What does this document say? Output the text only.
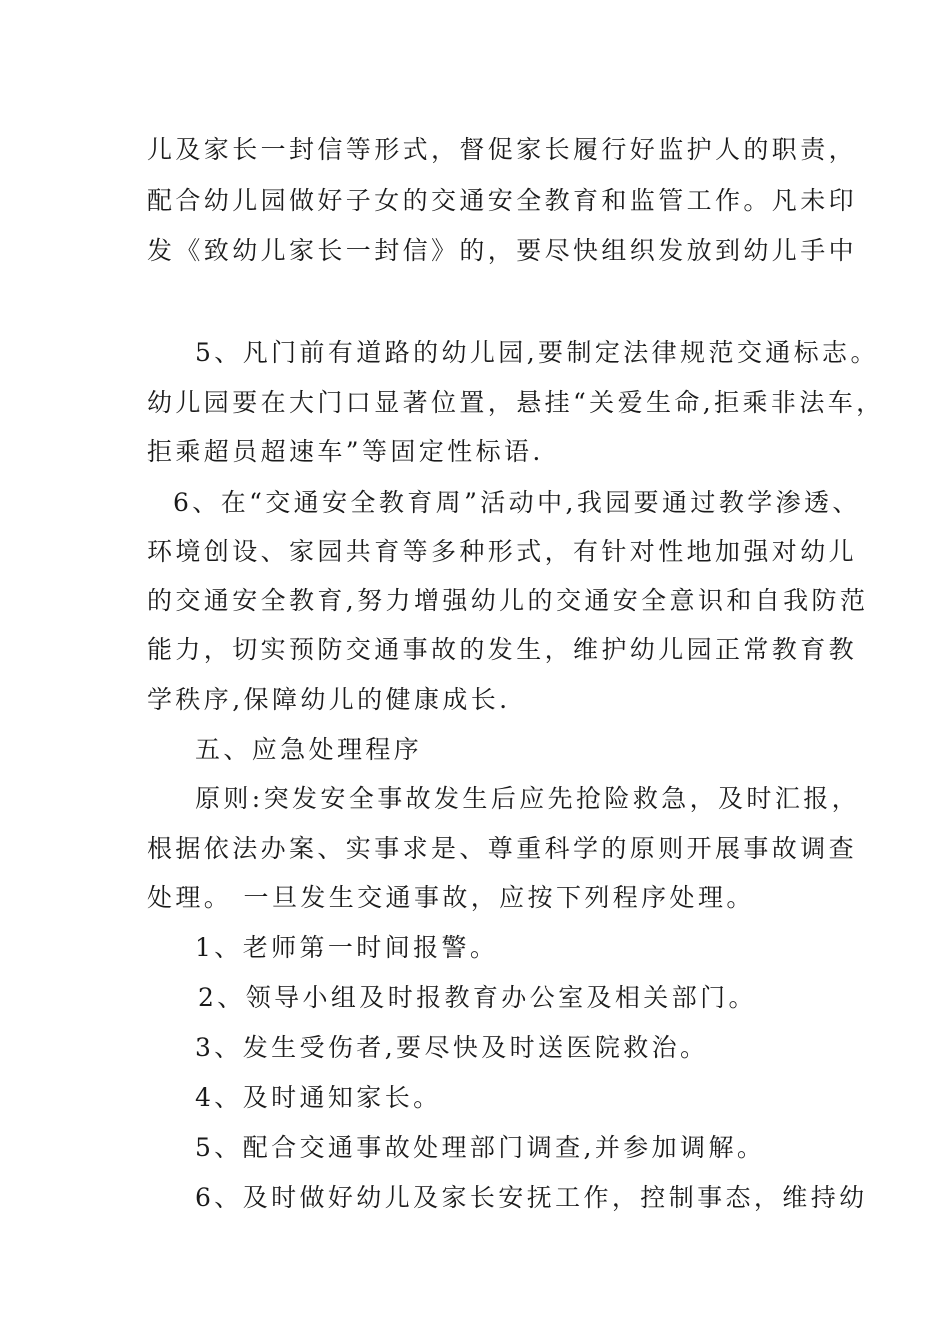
儿及家长一封信等形式，督促家长履行好监护人的职责，
配合幼儿园做好子女的交通安全教育和监管工作。凡未印
发《致幼儿家长一封信》的，要尽快组织发放到幼儿手中
5、凡门前有道路的幼儿园,要制定法律规范交通标志。
幼儿园要在大门口显著位置，悬挂“关爱生命,拒乘非法车，
拒乘超员超速车”等固定性标语.
6、在“交通安全教育周”活动中,我园要通过教学渗透、
环境创设、家园共育等多种形式，有针对性地加强对幼儿
的交通安全教育,努力增强幼儿的交通安全意识和自我防范
能力，切实预防交通事故的发生，维护幼儿园正常教育教
学秩序,保障幼儿的健康成长.
五、应急处理程序
原则:突发安全事故发生后应先抢险救急，及时汇报，
根据依法办案、实事求是、尊重科学的原则开展事故调查
处理。 一旦发生交通事故，应按下列程序处理。
1、老师第一时间报警。
2、领导小组及时报教育办公室及相关部门。
3、发生受伤者,要尽快及时送医院救治。
4、及时通知家长。
5、配合交通事故处理部门调查,并参加调解。
6、及时做好幼儿及家长安抚工作，控制事态，维持幼
